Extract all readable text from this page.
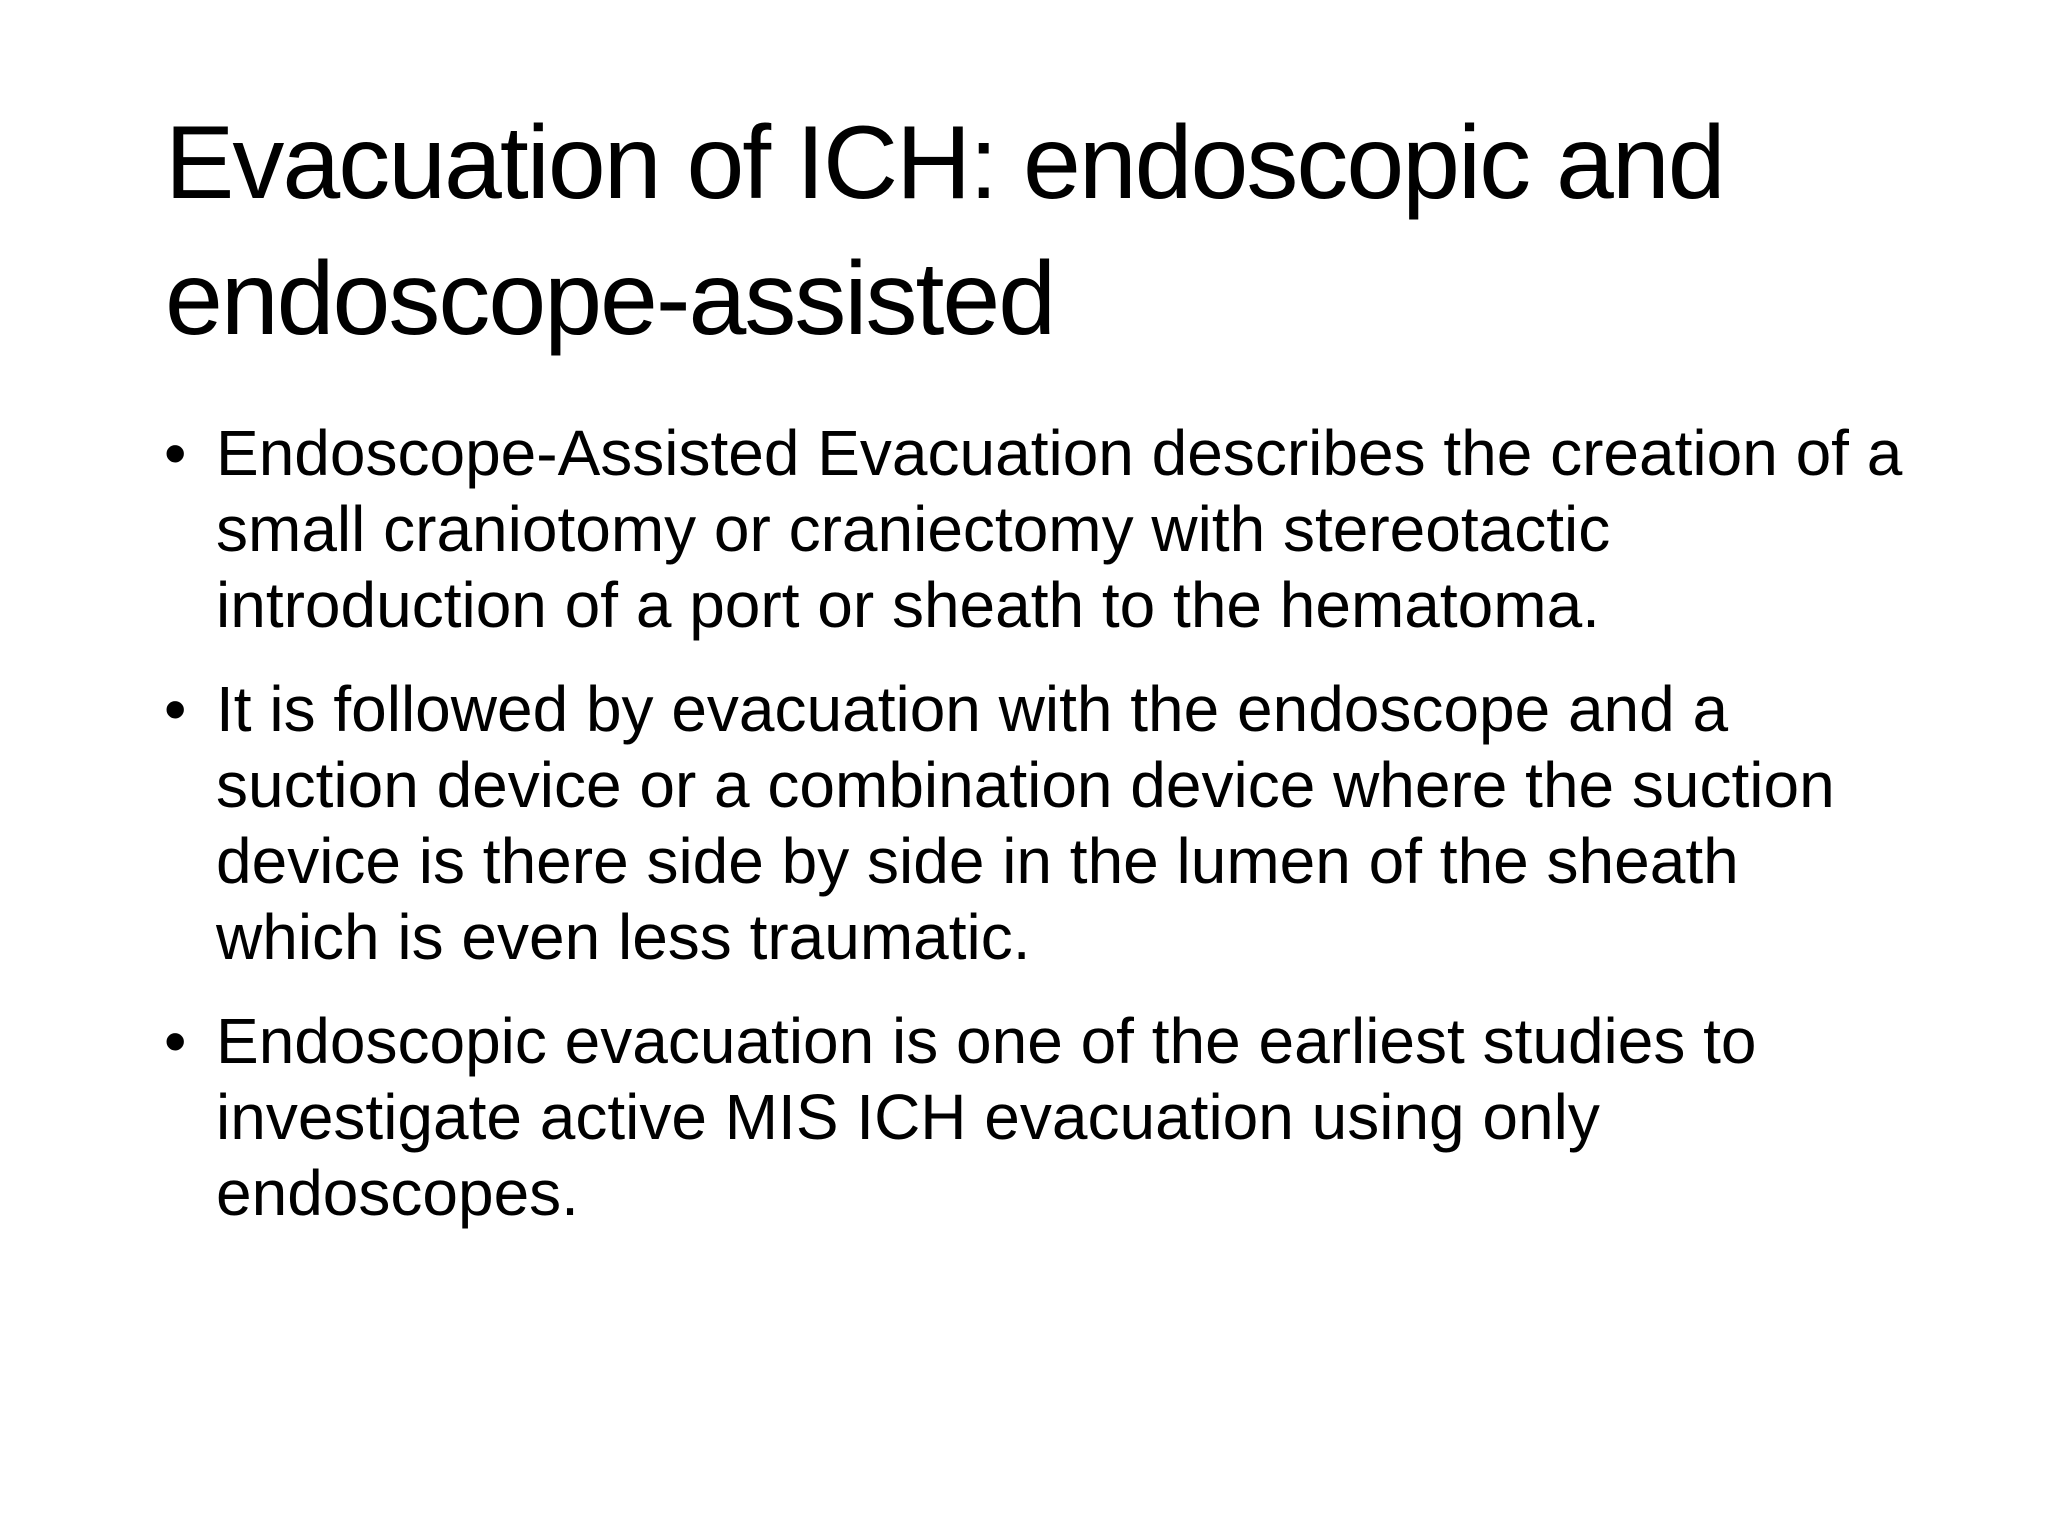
Evacuation of ICH: endoscopic and endoscope-assisted
• Endoscope-Assisted Evacuation describes the creation of a small craniotomy or craniectomy with stereotactic introduction of a port or sheath to the hematoma.
• It is followed by evacuation with the endoscope and a suction device or a combination device where the suction device is there side by side in the lumen of the sheath which is even less traumatic.
• Endoscopic evacuation is one of the earliest studies to investigate active MIS ICH evacuation using only endoscopes.
